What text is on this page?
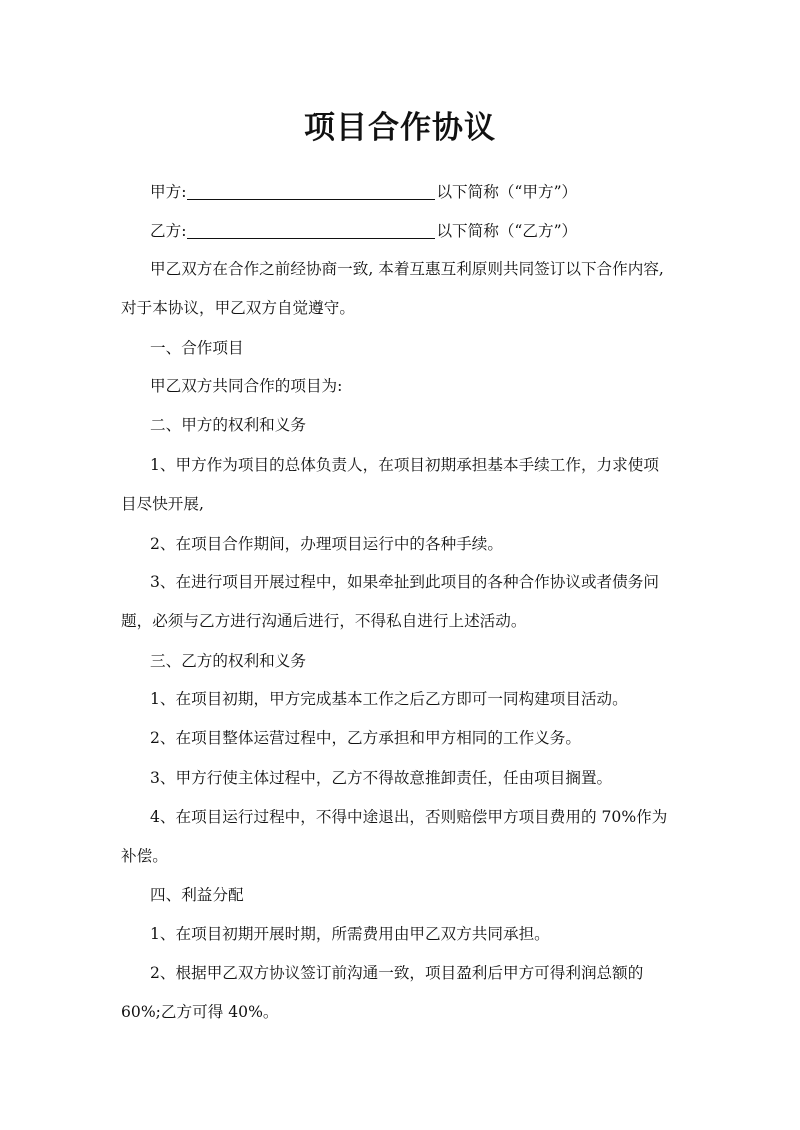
项目合作协议
甲方:	以下简称（“甲方”）
乙方:	以下简称（“乙方”）
甲乙双方在合作之前经协商一致, 本着互惠互利原则共同签订以下合作内容,
对于本协议，甲乙双方自觉遵守。
一、合作项目
甲乙双方共同合作的项目为:
二、甲方的权利和义务
1、甲方作为项目的总体负责人，在项目初期承担基本手续工作，力求使项
目尽快开展,
2、在项目合作期间，办理项目运行中的各种手续。
3、在进行项目开展过程中，如果牵扯到此项目的各种合作协议或者债务问
题，必须与乙方进行沟通后进行，不得私自进行上述活动。
三、乙方的权利和义务
1、在项目初期，甲方完成基本工作之后乙方即可一同构建项目活动。
2、在项目整体运营过程中，乙方承担和甲方相同的工作义务。
3、甲方行使主体过程中，乙方不得故意推卸责任，任由项目搁置。
4、在项目运行过程中，不得中途退出，否则赔偿甲方项目费用的 70%作为
补偿。
四、利益分配
1、在项目初期开展时期，所需费用由甲乙双方共同承担。
2、根据甲乙双方协议签订前沟通一致，项目盈利后甲方可得利润总额的
60%;乙方可得 40%。
